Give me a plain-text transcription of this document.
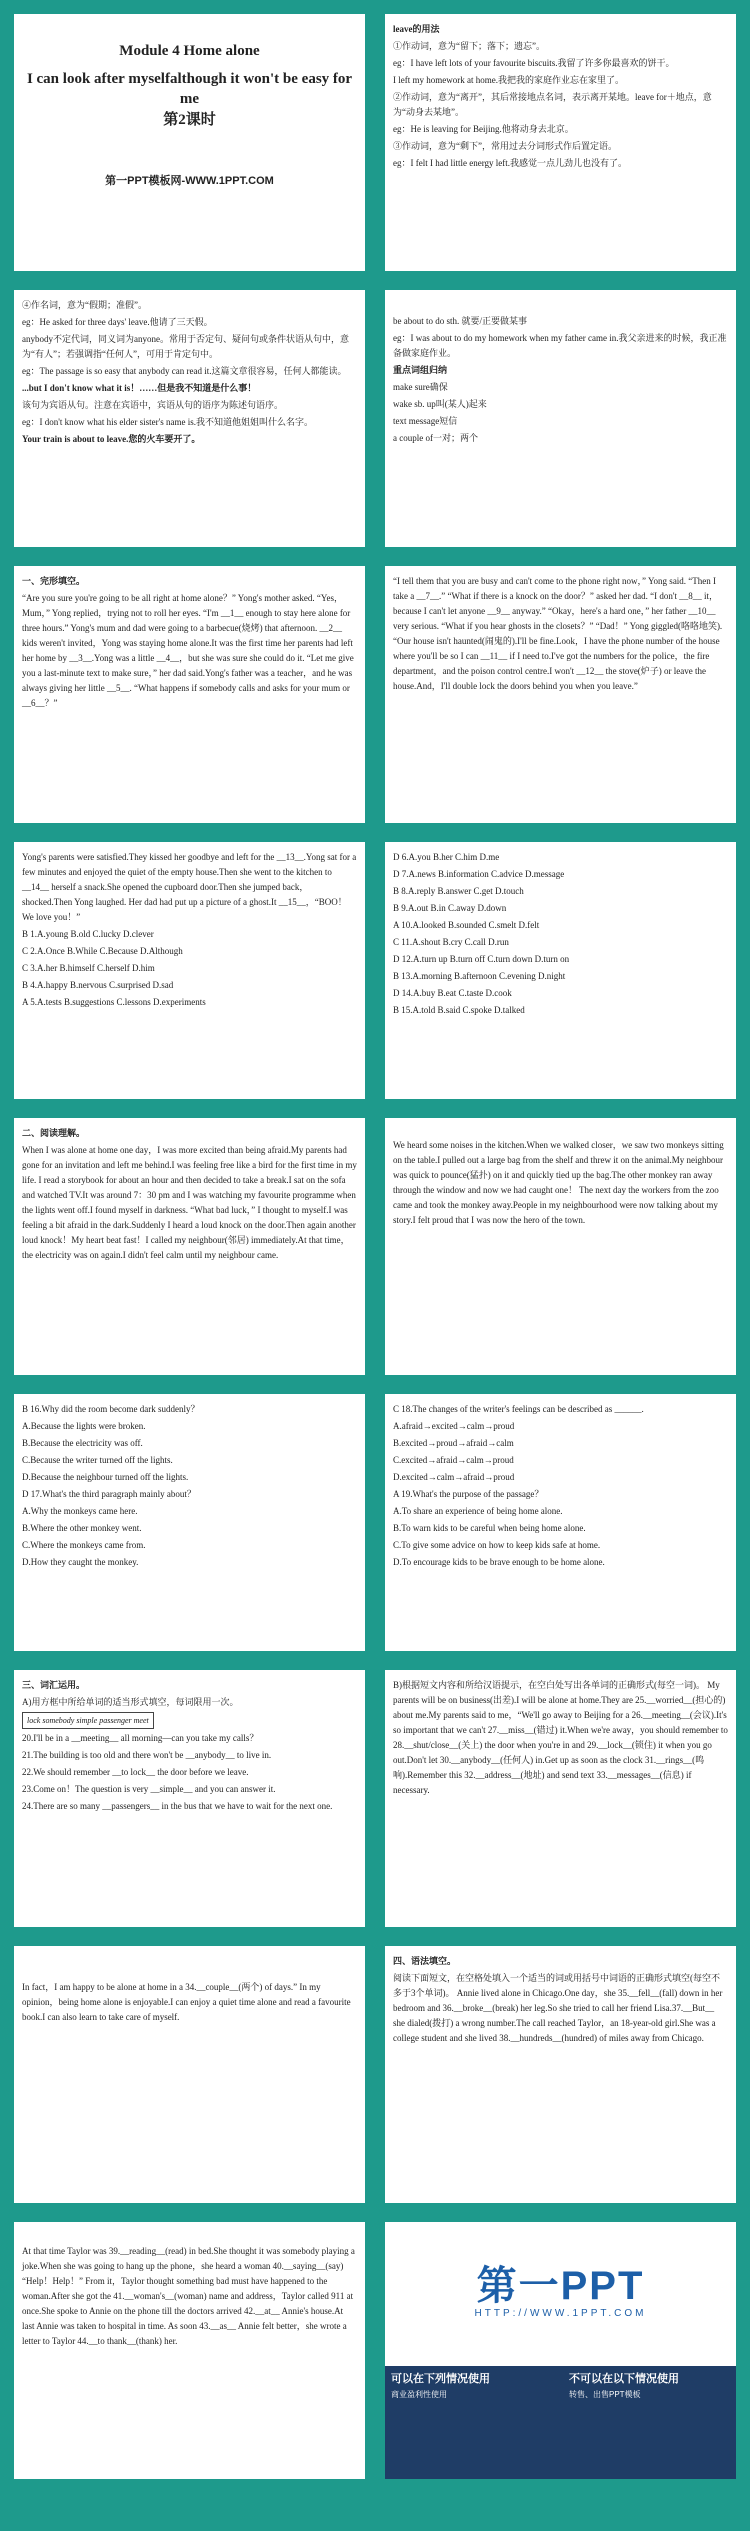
Module 4 Home alone
I can look after myselfalthough it won't be easy for me
第2课时
第一PPT模板网-WWW.1PPT.COM

leave的用法

①作动词，意为“留下；落下；遗忘”。

eg：I have left lots of your favourite biscuits.我留了许多你最喜欢的饼干。

I left my homework at home.我把我的家庭作业忘在家里了。

②作动词，意为“离开”，其后常接地点名词，表示离开某地。leave for＋地点，意为“动身去某地”。

eg：He is leaving for Beijing.他将动身去北京。

③作动词，意为“剩下”，常用过去分词形式作后置定语。

eg：I felt I had little energy left.我感觉一点儿劲儿也没有了。

④作名词，意为“假期；准假”。

eg：He asked for three days' leave.他请了三天假。

anybody不定代词，同义词为anyone。常用于否定句、疑问句或条件状语从句中，意为“有人”；若强调指“任何人”，可用于肯定句中。

eg：The passage is so easy that anybody can read it.这篇文章很容易，任何人都能读。

...but I don't know what it is！……但是我不知道是什么事！

该句为宾语从句。注意在宾语中，宾语从句的语序为陈述句语序。

eg：I don't know what his elder sister's name is.我不知道他姐姐叫什么名字。

Your train is about to leave.您的火车要开了。

be about to do sth. 就要/正要做某事

eg：I was about to do my homework when my father came in.我父亲进来的时候，我正准备做家庭作业。

重点词组归纳

make sure确保

wake sb. up叫(某人)起来

text message短信

a couple of一对；两个

一、完形填空。

“Are you sure you're going to be all right at home alone？” Yong's mother asked. “Yes，Mum，” Yong replied，trying not to roll her eyes. “I'm __1__ enough to stay here alone for three hours.” Yong's mum and dad were going to a barbecue(烧烤) that afternoon. __2__ kids weren't invited，Yong was staying home alone.It was the first time her parents had left her home by __3__.Yong was a little __4__，but she was sure she could do it. “Let me give you a last-minute text to make sure，” her dad said.Yong's father was a teacher，and he was always giving her little __5__. “What happens if somebody calls and asks for your mum or __6__？”

“I tell them that you are busy and can't come to the phone right now，” Yong said. “Then I take a __7__.” “What if there is a knock on the door？” asked her dad. “I don't __8__ it，because I can't let anyone __9__ anyway.” “Okay，here's a hard one，” her father __10__ very serious. “What if you hear ghosts in the closets？” “Dad！” Yong giggled(咯咯地笑). “Our house isn't haunted(闹鬼的).I'll be fine.Look，I have the phone number of the house where you'll be so I can __11__ if I need to.I've got the numbers for the police，the fire department，and the poison control centre.I won't __12__ the stove(炉子) or leave the house.And，I'll double lock the doors behind you when you leave.”

Yong's parents were satisfied.They kissed her goodbye and left for the __13__.Yong sat for a few minutes and enjoyed the quiet of the empty house.Then she went to the kitchen to __14__ herself a snack.She opened the cupboard door.Then she jumped back，shocked.Then Yong laughed. Her dad had put up a picture of a ghost.It __15__，“BOO！We love you！”

B 1.A.young B.old C.lucky D.clever

C 2.A.Once B.While C.Because D.Although

C 3.A.her B.himself C.herself D.him

B 4.A.happy B.nervous C.surprised D.sad

A 5.A.tests B.suggestions C.lessons D.experiments

D 6.A.you B.her C.him D.me

D 7.A.news B.information C.advice D.message

B 8.A.reply B.answer C.get D.touch

B 9.A.out B.in C.away D.down

A 10.A.looked B.sounded C.smelt D.felt

C 11.A.shout B.cry C.call D.run

D 12.A.turn up B.turn off C.turn down D.turn on

B 13.A.morning B.afternoon C.evening D.night

D 14.A.buy B.eat C.taste D.cook

B 15.A.told B.said C.spoke D.talked

二、阅读理解。

When I was alone at home one day，I was more excited than being afraid.My parents had gone for an invitation and left me behind.I was feeling free like a bird for the first time in my life. I read a storybook for about an hour and then decided to take a break.I sat on the sofa and watched TV.It was around 7：30 pm and I was watching my favourite programme when the lights went off.I found myself in darkness. “What bad luck，” I thought to myself.I was feeling a bit afraid in the dark.Suddenly I heard a loud knock on the door.Then again another loud knock！My heart beat fast！I called my neighbour(邻居) immediately.At that time，the electricity was on again.I didn't feel calm until my neighbour came.

We heard some noises in the kitchen.When we walked closer，we saw two monkeys sitting on the table.I pulled out a large bag from the shelf and threw it on the animal.My neighbour was quick to pounce(猛扑) on it and quickly tied up the bag.The other monkey ran away through the window and now we had caught one！ The next day the workers from the zoo came and took the monkey away.People in my neighbourhood were now talking about my story.I felt proud that I was now the hero of the town.

B 16.Why did the room become dark suddenly？

A.Because the lights were broken.

B.Because the electricity was off.

C.Because the writer turned off the lights.

D.Because the neighbour turned off the lights.

D 17.What's the third paragraph mainly about？

A.Why the monkeys came here.

B.Where the other monkey went.

C.Where the monkeys came from.

D.How they caught the monkey.

C 18.The changes of the writer's feelings can be described as ______.

A.afraid→excited→calm→proud

B.excited→proud→afraid→calm

C.excited→afraid→calm→proud

D.excited→calm→afraid→proud

A 19.What's the purpose of the passage？

A.To share an experience of being home alone.

B.To warn kids to be careful when being home alone.

C.To give some advice on how to keep kids safe at home.

D.To encourage kids to be brave enough to be home alone.

三、词汇运用。

A)用方框中所给单词的适当形式填空，每词限用一次。

lock somebody simple passenger meet

20.I'll be in a __meeting__ all morning—can you take my calls？

21.The building is too old and there won't be __anybody__ to live in.

22.We should remember __to lock__ the door before we leave.

23.Come on！The question is very __simple__ and you can answer it.

24.There are so many __passengers__ in the bus that we have to wait for the next one.

B)根据短文内容和所给汉语提示，在空白处写出各单词的正确形式(每空一词)。 My parents will be on business(出差).I will be alone at home.They are 25.__worried__(担心的) about me.My parents said to me，“We'll go away to Beijing for a 26.__meeting__(会议).It's so important that we can't 27.__miss__(错过) it.When we're away，you should remember to 28.__shut/close__(关上) the door when you're in and 29.__lock__(锁住) it when you go out.Don't let 30.__anybody__(任何人) in.Get up as soon as the clock 31.__rings__(鸣响).Remember this 32.__address__(地址) and send text 33.__messages__(信息) if necessary.

In fact，I am happy to be alone at home in a 34.__couple__(两个) of days.” In my opinion，being home alone is enjoyable.I can enjoy a quiet time alone and read a favourite book.I can also learn to take care of myself.

四、语法填空。

阅读下面短文，在空格处填入一个适当的词或用括号中词语的正确形式填空(每空不多于3个单词)。 Annie lived alone in Chicago.One day，she 35.__fell__(fall) down in her bedroom and 36.__broke__(break) her leg.So she tried to call her friend Lisa.37.__But__ she dialed(拨打) a wrong number.The call reached Taylor，an 18-year-old girl.She was a college student and she lived 38.__hundreds__(hundred) of miles away from Chicago.

At that time Taylor was 39.__reading__(read) in bed.She thought it was somebody playing a joke.When she was going to hang up the phone，she heard a woman 40.__saying__(say) “Help！Help！” From it，Taylor thought something bad must have happened to the woman.After she got the 41.__woman's__(woman) name and address，Taylor called 911 at once.She spoke to Annie on the phone till the doctors arrived 42.__at__ Annie's house.At last Annie was taken to hospital in time. As soon 43.__as__ Annie felt better，she wrote a letter to Taylor 44.__to thank__(thank) her.

第一PPT
HTTP://WWW.1PPT.COM
可以在下列情况使用
商业盈利性使用
不可以在以下情况使用
转售、出售PPT模板
